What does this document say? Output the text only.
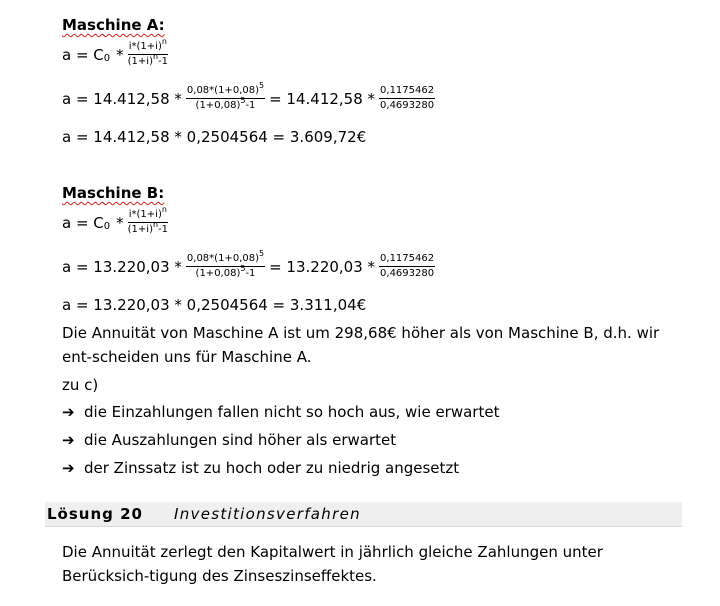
Maschine A:
a = C $0 * \frac{i*(1+i)^n}{(1+i)^n-1}$
$a = 14.412,58 * \frac{0,08*(1+0,08)^5}{(1+0,08)^5-1} = 14.412,58 * \frac{0,1175462}{0,4693280}$
a = 14.412,58 * 0,2504564 = 3.609,72€
Maschine B:
a = C $0 * \frac{i*(1+i)^n}{(1+i)^n-1}$
$a = 13.220,03 * \frac{0,08*(1+0,08)^5}{(1+0,08)^5-1} = 13.220,03 * \frac{0,1175462}{0,4693280}$
a = 13.220,03 * 0,2504564 = 3.311,04€
Die Annuität von Maschine A ist um 298,68€ höher als von Maschine B, d.h. wir ent-scheiden uns für Maschine A.
zu c)
➔ die Einzahlungen fallen nicht so hoch aus, wie erwartet
➔ die Auszahlungen sind höher als erwartet
➔ der Zinssatz ist zu hoch oder zu niedrig angesetzt
Lösung 20 Investitionsverfahren
Die Annuität zerlegt den Kapitalwert in jährlich gleiche Zahlungen unter Berücksich-tigung des Zinseszinseffektes.
